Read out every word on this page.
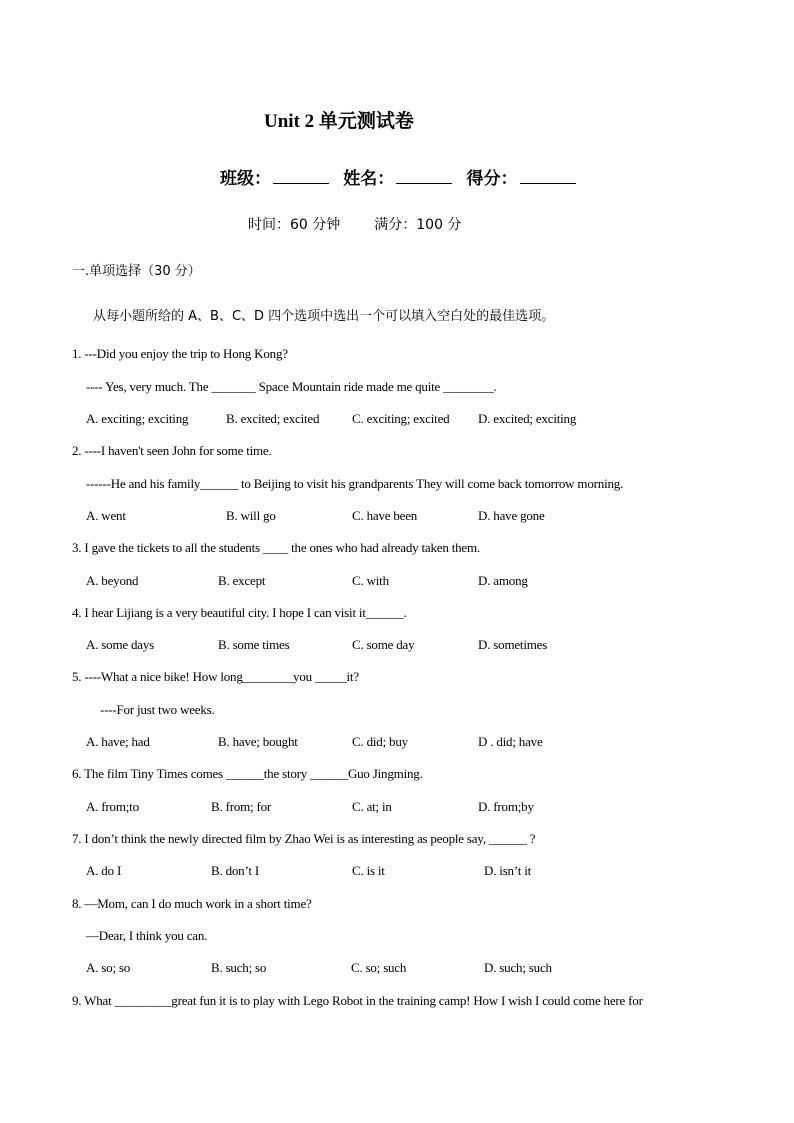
Unit 2 单元测试卷
班级：	姓名：	得分：
时间：60 分钟 满分：100 分
一.单项选择（30 分）
从每小题所给的 A、B、C、D 四个选项中选出一个可以填入空白处的最佳选项。
1. ---Did you enjoy the trip to Hong Kong?
---- Yes, very much. The _______ Space Mountain ride made me quite ________.
A. exciting; exciting	B. excited; excited	C. exciting; excited D. excited; exciting
2. ----I haven't seen John for some time.
------He and his family______ to Beijing to visit his grandparents They will come back tomorrow morning.
A. went	B. will go	C. have been	D. have gone
3. I gave the tickets to all the students ____ the ones who had already taken them.
A. beyond	B. except	C. with	D. among
4. I hear Lijiang is a very beautiful city. I hope I can visit it______.
A. some days	B. some times	C. some day	D. sometimes
5. ----What a nice bike! How long________you _____it?
----For just two weeks.
A. have; had	B. have; bought	C. did; buy	D . did; have
6. The film Tiny Times comes ______the story ______Guo Jingming.
A. from;to	B. from; for	C. at; in	D. from;by
7. I don’t think the newly directed film by Zhao Wei is as interesting as people say, ______ ?
A. do I	B. don’t I	C. is it	D. isn’t it
8. —Mom, can I do much work in a short time?
—Dear, I think you can.
A. so; so	B. such; so	C. so; such	D. such; such
9. What _________great fun it is to play with Lego Robot in the training camp! How I wish I could come here for
